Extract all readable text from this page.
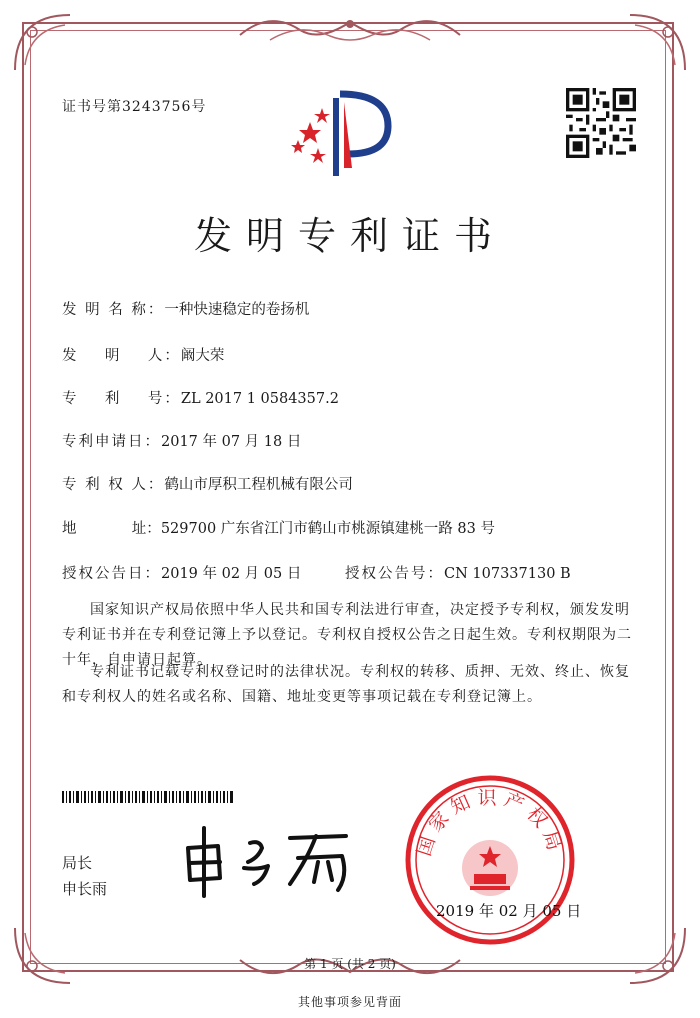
证书号第3243756号
发明专利证书
发 明 名 称：一种快速稳定的卷扬机
发    明    人：阚大荣
专    利    号：ZL 2017 1 0584357.2
专利申请日：2017 年 07 月 18 日
专 利 权 人：鹤山市厚积工程机械有限公司
地            址：529700 广东省江门市鹤山市桃源镇建桃一路 83 号
授权公告日：2019 年 02 月 05 日	授权公告号：CN 107337130 B
国家知识产权局依照中华人民共和国专利法进行审查，决定授予专利权，颁发发明专利证书并在专利登记簿上予以登记。专利权自授权公告之日起生效。专利权期限为二十年，自申请日起算。
专利证书记载专利权登记时的法律状况。专利权的转移、质押、无效、终止、恢复和专利权人的姓名或名称、国籍、地址变更等事项记载在专利登记簿上。
局长
申长雨
国家知识产权局
2019 年 02 月 05 日
第 1 页 (共 2 页)
其他事项参见背面
